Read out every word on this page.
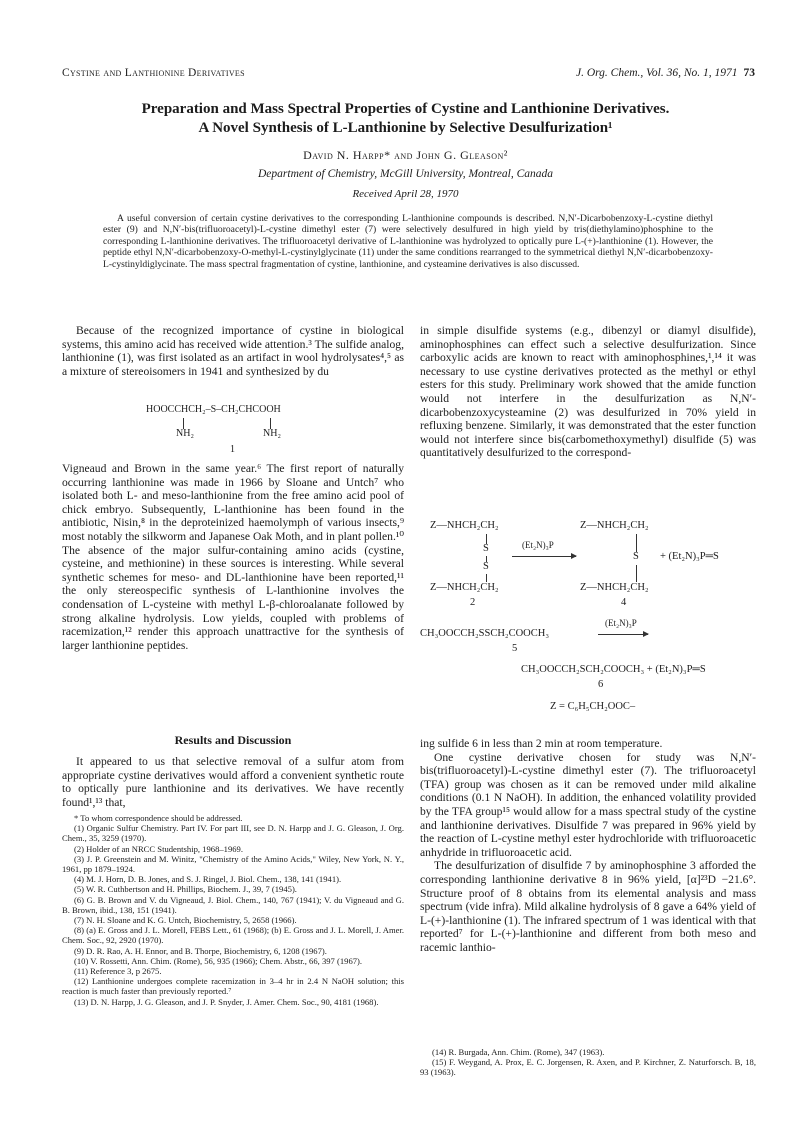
Cystine and Lanthionine Derivatives	J. Org. Chem., Vol. 36, No. 1, 1971 73
Preparation and Mass Spectral Properties of Cystine and Lanthionine Derivatives.
A Novel Synthesis of L-Lanthionine by Selective Desulfurization¹
David N. Harpp* and John G. Gleason²
Department of Chemistry, McGill University, Montreal, Canada
Received April 28, 1970
A useful conversion of certain cystine derivatives to the corresponding L-lanthionine compounds is described. N,N′-Dicarbobenzoxy-L-cystine diethyl ester (9) and N,N′-bis(trifluoroacetyl)-L-cystine dimethyl ester (7) were selectively desulfured in high yield by tris(diethylamino)phosphine to the corresponding L-lanthionine derivatives. The trifluoroacetyl derivative of L-lanthionine was hydrolyzed to optically pure L-(+)-lanthionine (1). However, the peptide ethyl N,N′-dicarbobenzoxy-O-methyl-L-cystinylglycinate (11) under the same conditions rearranged to the symmetrical diethyl N,N′-dicarbobenzoxy-L-cystinyldiglycinate. The mass spectral fragmentation of cystine, lanthionine, and cysteamine derivatives is also discussed.

Because of the recognized importance of cystine in biological systems, this amino acid has received wide attention.³ The sulfide analog, lanthionine (1), was first isolated as an artifact in wool hydrolysates⁴,⁵ as a mixture of stereoisomers in 1941 and synthesized by du

HOOCCHCH₂–S–CH₂CHCOOH
NH₂	NH₂
1

Vigneaud and Brown in the same year.⁶ The first report of naturally occurring lanthionine was made in 1966 by Sloane and Untch⁷ who isolated both L- and meso-lanthionine from the free amino acid pool of chick embryo. Subsequently, L-lanthionine has been found in the antibiotic, Nisin,⁸ in the deproteinized haemolymph of various insects,⁹ most notably the silkworm and Japanese Oak Moth, and in plant pollen.¹⁰ The absence of the major sulfur-containing amino acids (cystine, cysteine, and methionine) in these sources is interesting. While several synthetic schemes for meso- and DL-lanthionine have been reported,¹¹ the only stereospecific synthesis of L-lanthionine involves the condensation of L-cysteine with methyl L-β-chloroalanate followed by strong alkaline hydrolysis. Low yields, coupled with problems of racemization,¹² render this approach unattractive for the synthesis of larger lanthionine peptides.

Results and Discussion

It appeared to us that selective removal of a sulfur atom from appropriate cystine derivatives would afford a convenient synthetic route to optically pure lanthionine and its derivatives. We have recently found¹,¹³ that,

* To whom correspondence should be addressed.

(1) Organic Sulfur Chemistry. Part IV. For part III, see D. N. Harpp and J. G. Gleason, J. Org. Chem., 35, 3259 (1970).

(2) Holder of an NRCC Studentship, 1968–1969.

(3) J. P. Greenstein and M. Winitz, "Chemistry of the Amino Acids," Wiley, New York, N. Y., 1961, pp 1879–1924.

(4) M. J. Horn, D. B. Jones, and S. J. Ringel, J. Biol. Chem., 138, 141 (1941).

(5) W. R. Cuthbertson and H. Phillips, Biochem. J., 39, 7 (1945).

(6) G. B. Brown and V. du Vigneaud, J. Biol. Chem., 140, 767 (1941); V. du Vigneaud and G. B. Brown, ibid., 138, 151 (1941).

(7) N. H. Sloane and K. G. Untch, Biochemistry, 5, 2658 (1966).

(8) (a) E. Gross and J. L. Morell, FEBS Lett., 61 (1968); (b) E. Gross and J. L. Morell, J. Amer. Chem. Soc., 92, 2920 (1970).

(9) D. R. Rao, A. H. Ennor, and B. Thorpe, Biochemistry, 6, 1208 (1967).

(10) V. Rossetti, Ann. Chim. (Rome), 56, 935 (1966); Chem. Abstr., 66, 397 (1967).

(11) Reference 3, p 2675.

(12) Lanthionine undergoes complete racemization in 3–4 hr in 2.4 N NaOH solution; this reaction is much faster than previously reported.⁷

(13) D. N. Harpp, J. G. Gleason, and J. P. Snyder, J. Amer. Chem. Soc., 90, 4181 (1968).

in simple disulfide systems (e.g., dibenzyl or diamyl disulfide), aminophosphines can effect such a selective desulfurization. Since carboxylic acids are known to react with aminophosphines,¹,¹⁴ it was necessary to use cystine derivatives protected as the methyl or ethyl esters for this study. Preliminary work showed that the amide function would not interfere in the desulfurization as N,N′-dicarbobenzoxycysteamine (2) was desulfurized in 70% yield in refluxing benzene. Similarly, it was demonstrated that the ester function would not interfere since bis(carbomethoxymethyl) disulfide (5) was quantitatively desulfurized to the correspond-

Z—NHCH₂CH₂
S
S
Z—NHCH₂CH₂
2
(Et₂N)₃P
Z—NHCH₂CH₂
S + (Et₂N)₃P═S
Z—NHCH₂CH₂
4
CH₃OOCCH₂SSCH₂COOCH₃
(Et₂N)₃P
5
CH₃OOCCH₂SCH₂COOCH₃ + (Et₂N)₃P═S
6
Z = C₆H₅CH₂OOC–

ing sulfide 6 in less than 2 min at room temperature.

One cystine derivative chosen for study was N,N′-bis(trifluoroacetyl)-L-cystine dimethyl ester (7). The trifluoroacetyl (TFA) group was chosen as it can be removed under mild alkaline conditions (0.1 N NaOH). In addition, the enhanced volatility provided by the TFA group¹⁵ would allow for a mass spectral study of the cystine and lanthionine derivatives. Disulfide 7 was prepared in 96% yield by the reaction of L-cystine methyl ester hydrochloride with trifluoroacetic anhydride in trifluoroacetic acid.

The desulfurization of disulfide 7 by aminophosphine 3 afforded the corresponding lanthionine derivative 8 in 96% yield, [α]²³D −21.6°. Structure proof of 8 obtains from its elemental analysis and mass spectrum (vide infra). Mild alkaline hydrolysis of 8 gave a 64% yield of L-(+)-lanthionine (1). The infrared spectrum of 1 was identical with that reported⁷ for L-(+)-lanthionine and different from both meso and racemic lanthio-

(14) R. Burgada, Ann. Chim. (Rome), 347 (1963).

(15) F. Weygand, A. Prox, E. C. Jorgensen, R. Axen, and P. Kirchner, Z. Naturforsch. B, 18, 93 (1963).
